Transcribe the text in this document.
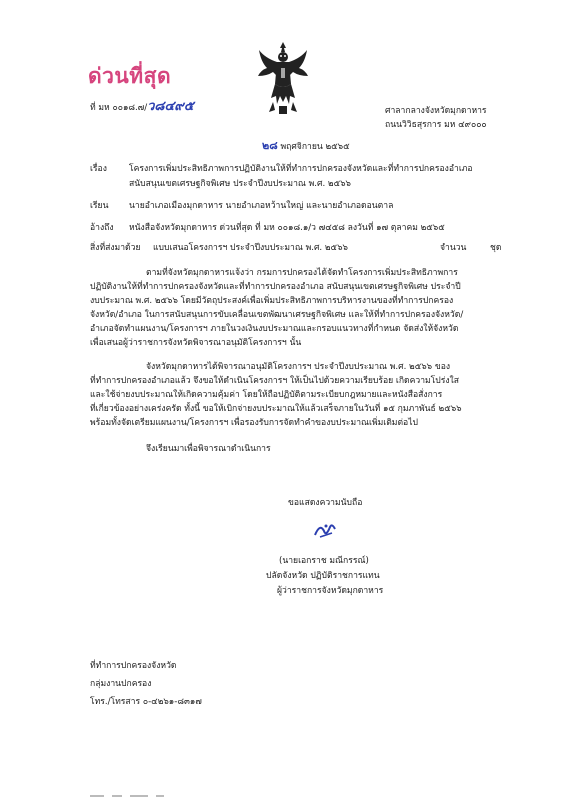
ด่วนที่สุด
ที่ มห ๐๐๑๘.๗/ว๘๔๙๕	ศาลากลางจังหวัดมุกดาหาร
ถนนวิวิธสุรการ มห ๔๙๐๐๐
๒๘ พฤศจิกายน ๒๕๖๕
เรื่อง	โครงการเพิ่มประสิทธิภาพการปฏิบัติงานให้ที่ทำการปกครองจังหวัดและที่ทำการปกครองอำเภอ
สนับสนุนเขตเศรษฐกิจพิเศษ ประจำปีงบประมาณ พ.ศ. ๒๕๖๖
เรียน นายอำเภอเมืองมุกดาหาร นายอำเภอหว้านใหญ่ และนายอำเภอดอนตาล
อ้างถึง หนังสือจังหวัดมุกดาหาร ด่วนที่สุด ที่ มห ๐๐๑๘.๑/ว ๗๔๕๘ ลงวันที่ ๑๗ ตุลาคม ๒๕๖๕
สิ่งที่ส่งมาด้วย แบบเสนอโครงการฯ ประจำปีงบประมาณ พ.ศ. ๒๕๖๖	จำนวน	ชุด
ตามที่จังหวัดมุกดาหารแจ้งว่า กรมการปกครองได้จัดทำโครงการเพิ่มประสิทธิภาพการ
ปฏิบัติงานให้ที่ทำการปกครองจังหวัดและที่ทำการปกครองอำเภอ สนับสนุนเขตเศรษฐกิจพิเศษ ประจำปี
งบประมาณ พ.ศ. ๒๕๖๖ โดยมีวัตถุประสงค์เพื่อเพิ่มประสิทธิภาพการบริหารงานของที่ทำการปกครอง
จังหวัด/อำเภอ ในการสนับสนุนการขับเคลื่อนเขตพัฒนาเศรษฐกิจพิเศษ และให้ที่ทำการปกครองจังหวัด/
อำเภอจัดทำแผนงาน/โครงการฯ ภายในวงเงินงบประมาณและกรอบแนวทางที่กำหนด จัดส่งให้จังหวัด
เพื่อเสนอผู้ว่าราชการจังหวัดพิจารณาอนุมัติโครงการฯ นั้น
จังหวัดมุกดาหารได้พิจารณาอนุมัติโครงการฯ ประจำปีงบประมาณ พ.ศ. ๒๕๖๖ ของ
ที่ทำการปกครองอำเภอแล้ว จึงขอให้ดำเนินโครงการฯ ให้เป็นไปด้วยความเรียบร้อย เกิดความโปร่งใส
และใช้จ่ายงบประมาณให้เกิดความคุ้มค่า โดยให้ถือปฏิบัติตามระเบียบกฎหมายและหนังสือสั่งการ
ที่เกี่ยวข้องอย่างเคร่งครัด ทั้งนี้ ขอให้เบิกจ่ายงบประมาณให้แล้วเสร็จภายในวันที่ ๑๕ กุมภาพันธ์ ๒๕๖๖
พร้อมทั้งจัดเตรียมแผนงาน/โครงการฯ เพื่อรองรับการจัดทำคำของบประมาณเพิ่มเติมต่อไป
จึงเรียนมาเพื่อพิจารณาดำเนินการ
ขอแสดงความนับถือ
(นายเอกราช มณีกรรณ์)
ปลัดจังหวัด ปฏิบัติราชการแทน
ผู้ว่าราชการจังหวัดมุกดาหาร
ที่ทำการปกครองจังหวัด
กลุ่มงานปกครอง
โทร./โทรสาร ๐-๔๒๖๑-๘๓๑๗
